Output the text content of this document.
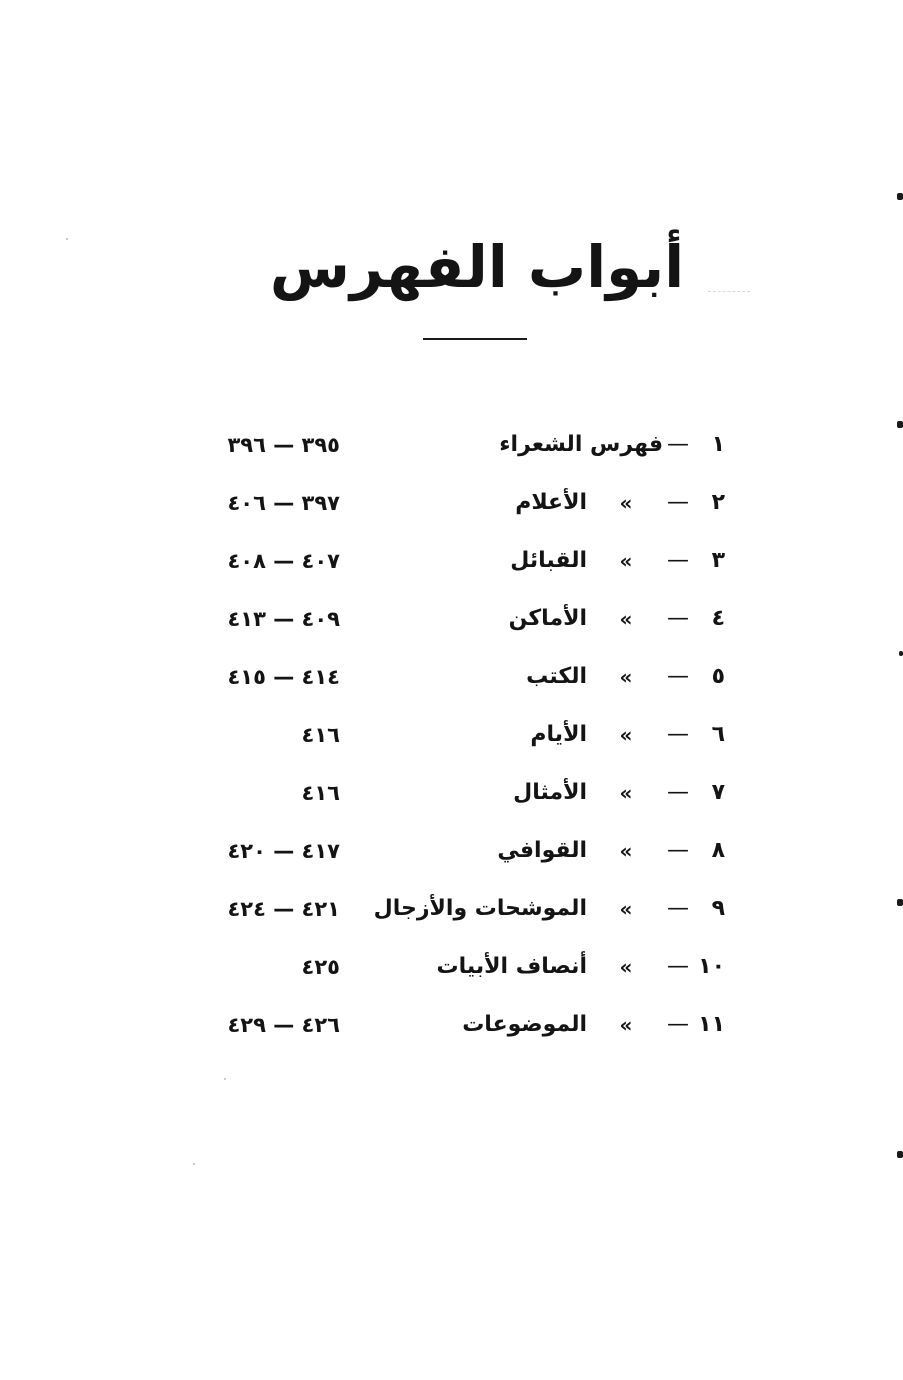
أبواب الفهرس
١
—
فهرس الشعراء
٣٩٥ — ٣٩٦
٢
—
»
الأعلام
٣٩٧ — ٤٠٦
٣
—
»
القبائل
٤٠٧ — ٤٠٨
٤
—
»
الأماكن
٤٠٩ — ٤١٣
٥
—
»
الكتب
٤١٤ — ٤١٥
٦
—
»
الأيام
٤١٦
٧
—
»
الأمثال
٤١٦
٨
—
»
القوافي
٤١٧ — ٤٢٠
٩
—
»
الموشحات والأزجال
٤٢١ — ٤٢٤
١٠
—
»
أنصاف الأبيات
٤٢٥
١١
—
»
الموضوعات
٤٢٦ — ٤٢٩
